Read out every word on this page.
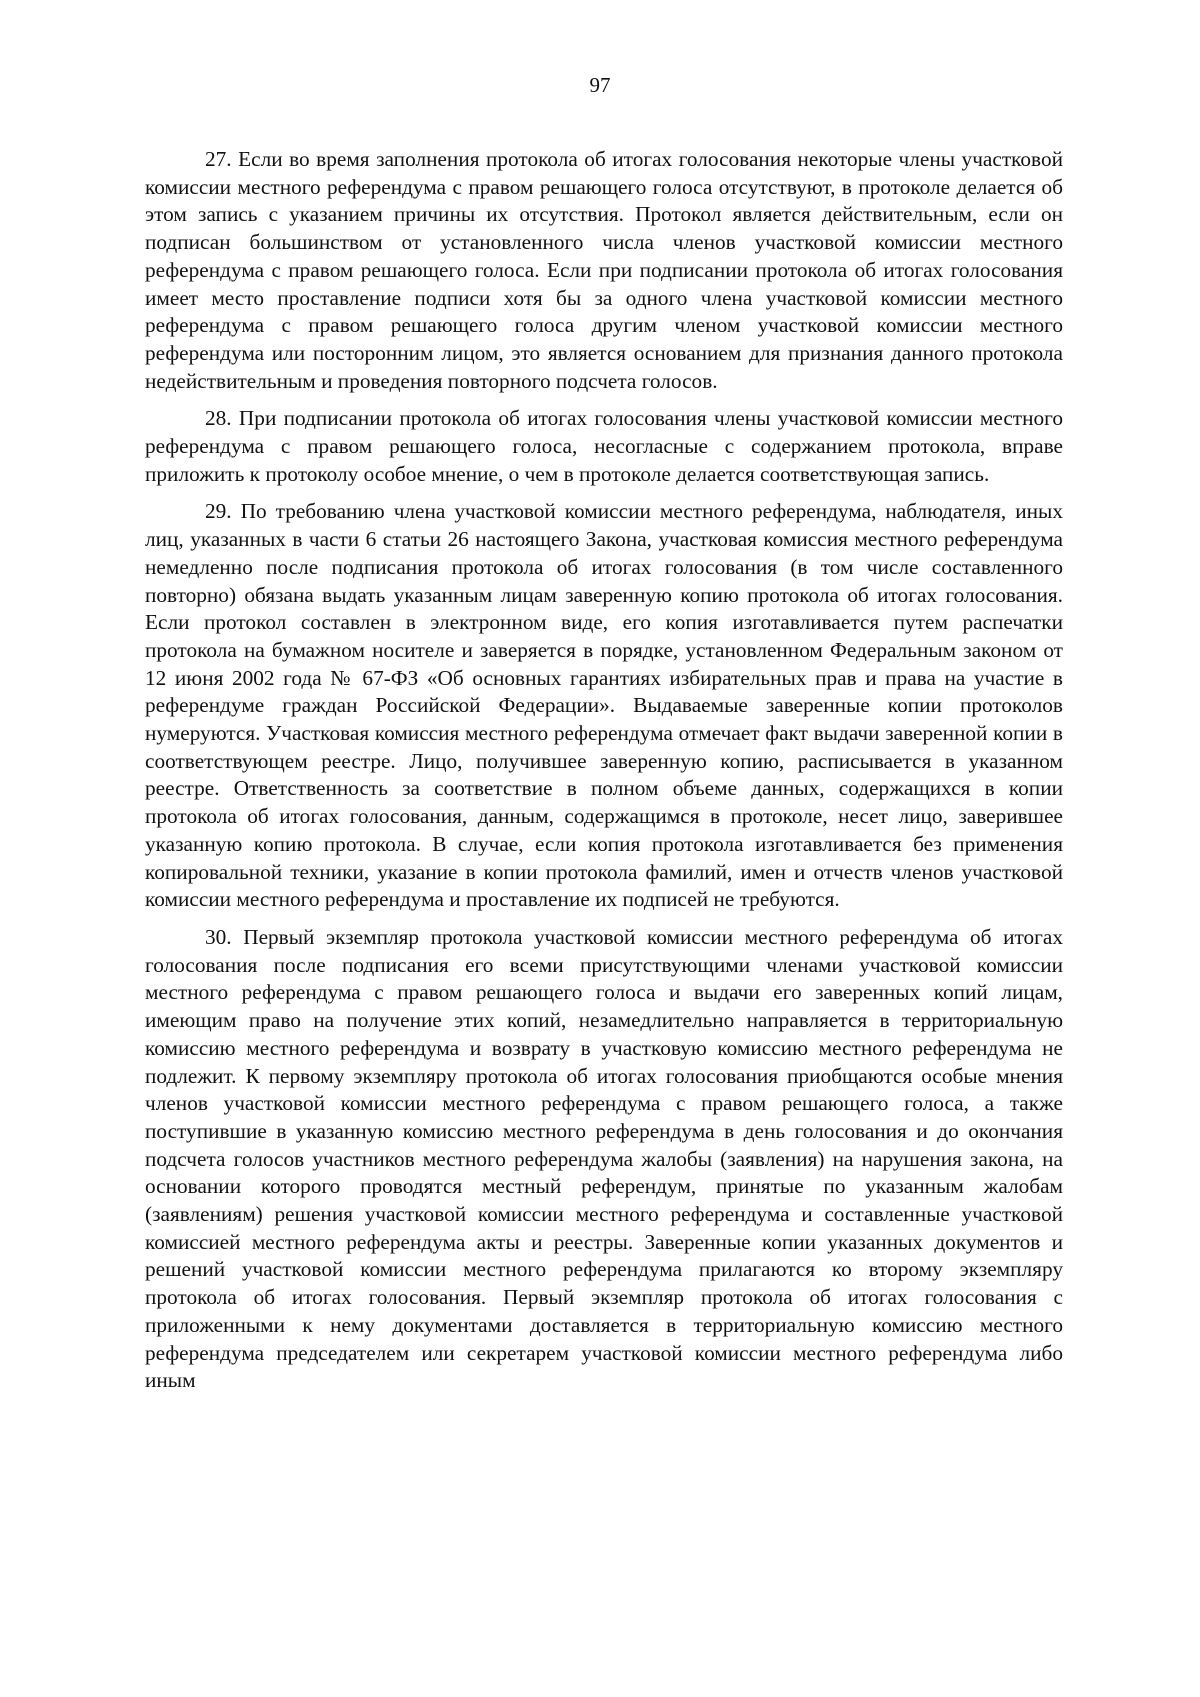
97

27. Если во время заполнения протокола об итогах голосования некоторые члены участковой комиссии местного референдума с правом решающего голоса отсутствуют, в протоколе делается об этом запись с указанием причины их отсутствия. Протокол является действительным, если он подписан большинством от установленного числа членов участковой комиссии местного референдума с правом решающего голоса. Если при подписании протокола об итогах голосования имеет место проставление подписи хотя бы за одного члена участковой комиссии местного референдума с правом решающего голоса другим членом участковой комиссии местного референдума или посторонним лицом, это является основанием для признания данного протокола недействительным и проведения повторного подсчета голосов.

28. При подписании протокола об итогах голосования члены участковой комиссии местного референдума с правом решающего голоса, несогласные с содержанием протокола, вправе приложить к протоколу особое мнение, о чем в протоколе делается соответствующая запись.

29. По требованию члена участковой комиссии местного референдума, наблюдателя, иных лиц, указанных в части 6 статьи 26 настоящего Закона, участковая комиссия местного референдума немедленно после подписания протокола об итогах голосования (в том числе составленного повторно) обязана выдать указанным лицам заверенную копию протокола об итогах голосования. Если протокол составлен в электронном виде, его копия изготавливается путем распечатки протокола на бумажном носителе и заверяется в порядке, установленном Федеральным законом от 12 июня 2002 года № 67-ФЗ «Об основных гарантиях избирательных прав и права на участие в референдуме граждан Российской Федерации». Выдаваемые заверенные копии протоколов нумеруются. Участковая комиссия местного референдума отмечает факт выдачи заверенной копии в соответствующем реестре. Лицо, получившее заверенную копию, расписывается в указанном реестре. Ответственность за соответствие в полном объеме данных, содержащихся в копии протокола об итогах голосования, данным, содержащимся в протоколе, несет лицо, заверившее указанную копию протокола. В случае, если копия протокола изготавливается без применения копировальной техники, указание в копии протокола фамилий, имен и отчеств членов участковой комиссии местного референдума и проставление их подписей не требуются.

30. Первый экземпляр протокола участковой комиссии местного референдума об итогах голосования после подписания его всеми присутствующими членами участковой комиссии местного референдума с правом решающего голоса и выдачи его заверенных копий лицам, имеющим право на получение этих копий, незамедлительно направляется в территориальную комиссию местного референдума и возврату в участковую комиссию местного референдума не подлежит. К первому экземпляру протокола об итогах голосования приобщаются особые мнения членов участковой комиссии местного референдума с правом решающего голоса, а также поступившие в указанную комиссию местного референдума в день голосования и до окончания подсчета голосов участников местного референдума жалобы (заявления) на нарушения закона, на основании которого проводятся местный референдум, принятые по указанным жалобам (заявлениям) решения участковой комиссии местного референдума и составленные участковой комиссией местного референдума акты и реестры. Заверенные копии указанных документов и решений участковой комиссии местного референдума прилагаются ко второму экземпляру протокола об итогах голосования. Первый экземпляр протокола об итогах голосования с приложенными к нему документами доставляется в территориальную комиссию местного референдума председателем или секретарем участковой комиссии местного референдума либо иным
